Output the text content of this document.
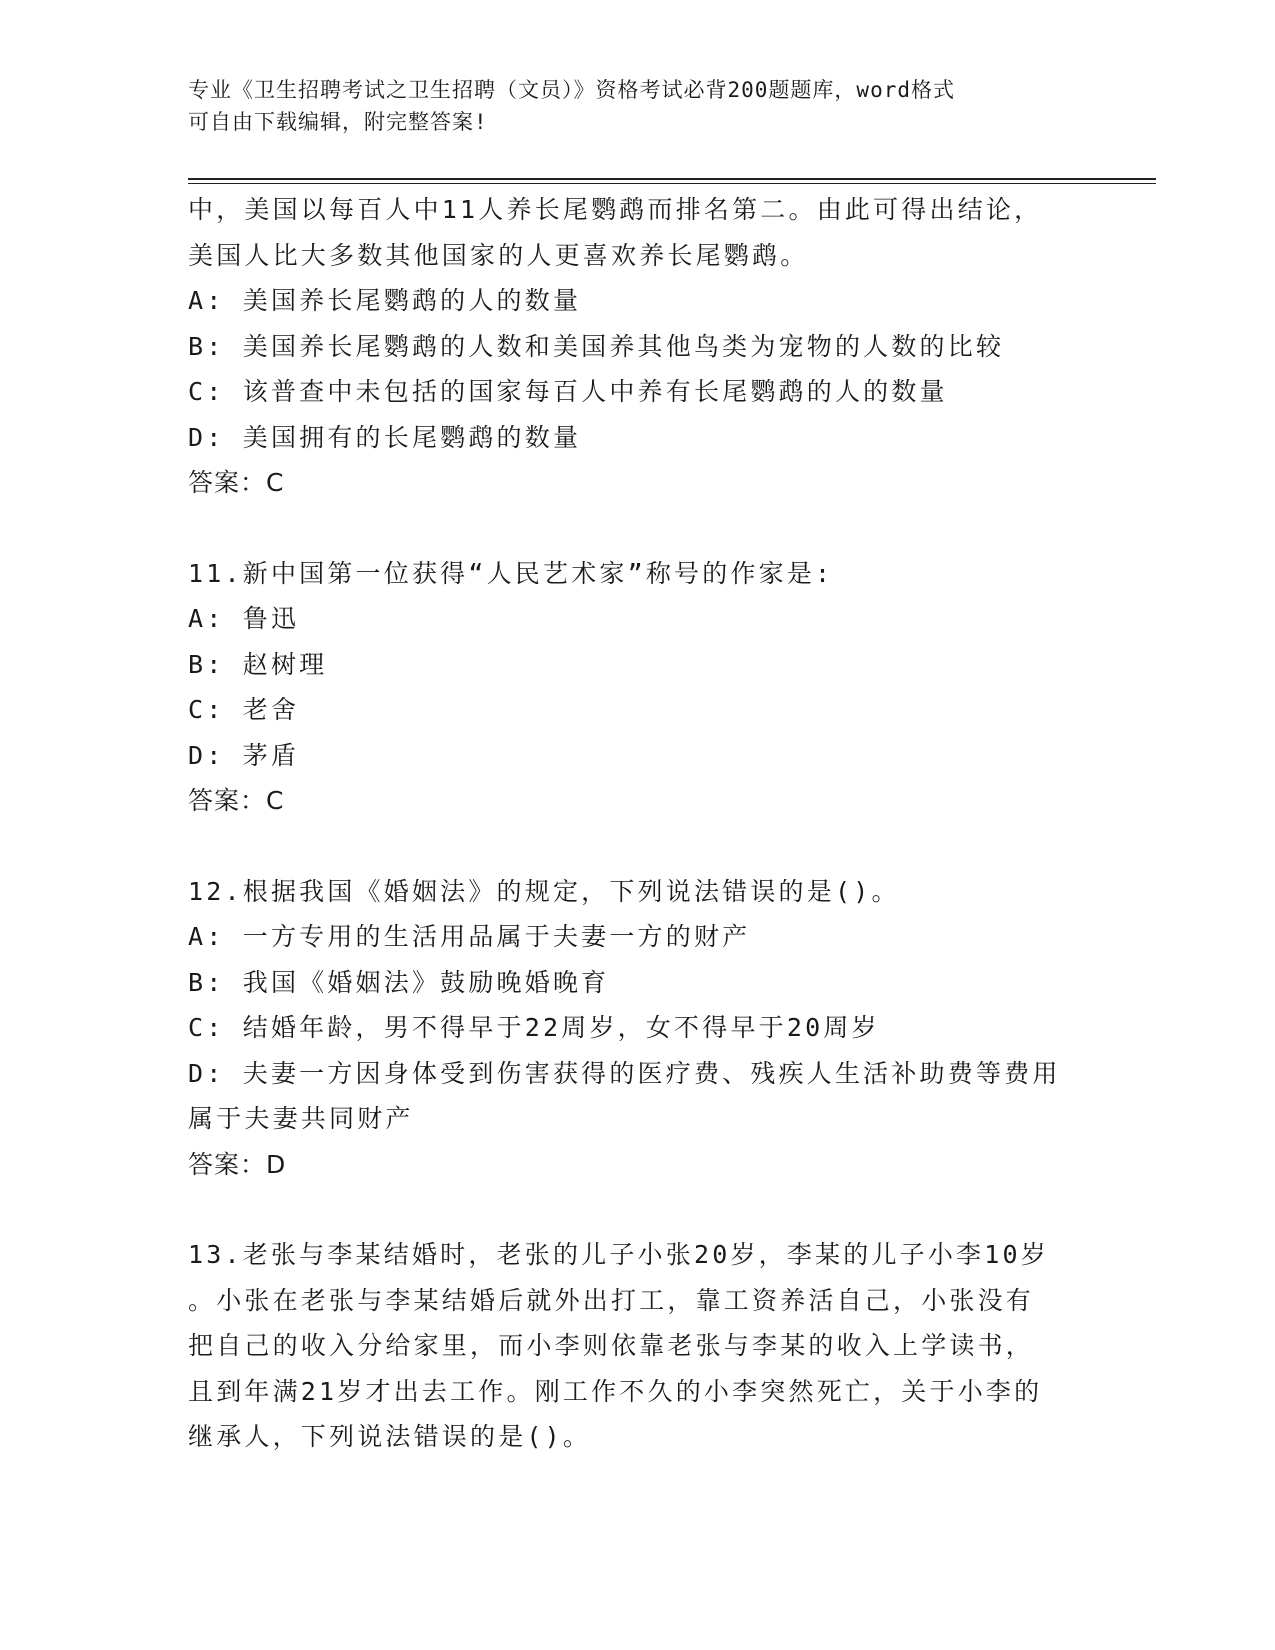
专业《卫生招聘考试之卫生招聘（文员）》资格考试必背200题题库，word格式
可自由下载编辑，附完整答案!
中，美国以每百人中11人养长尾鹦鹉而排名第二。由此可得出结论，
美国人比大多数其他国家的人更喜欢养长尾鹦鹉。
A: 美国养长尾鹦鹉的人的数量
B: 美国养长尾鹦鹉的人数和美国养其他鸟类为宠物的人数的比较
C: 该普查中未包括的国家每百人中养有长尾鹦鹉的人的数量
D: 美国拥有的长尾鹦鹉的数量
答案：C
11.新中国第一位获得“人民艺术家”称号的作家是:
A: 鲁迅
B: 赵树理
C: 老舍
D: 茅盾
答案：C
12.根据我国《婚姻法》的规定，下列说法错误的是()。
A: 一方专用的生活用品属于夫妻一方的财产
B: 我国《婚姻法》鼓励晚婚晚育
C: 结婚年龄，男不得早于22周岁，女不得早于20周岁
D: 夫妻一方因身体受到伤害获得的医疗费、残疾人生活补助费等费用
属于夫妻共同财产
答案：D
13.老张与李某结婚时，老张的儿子小张20岁，李某的儿子小李10岁
。小张在老张与李某结婚后就外出打工，靠工资养活自己，小张没有
把自己的收入分给家里，而小李则依靠老张与李某的收入上学读书，
且到年满21岁才出去工作。刚工作不久的小李突然死亡，关于小李的
继承人，下列说法错误的是()。
